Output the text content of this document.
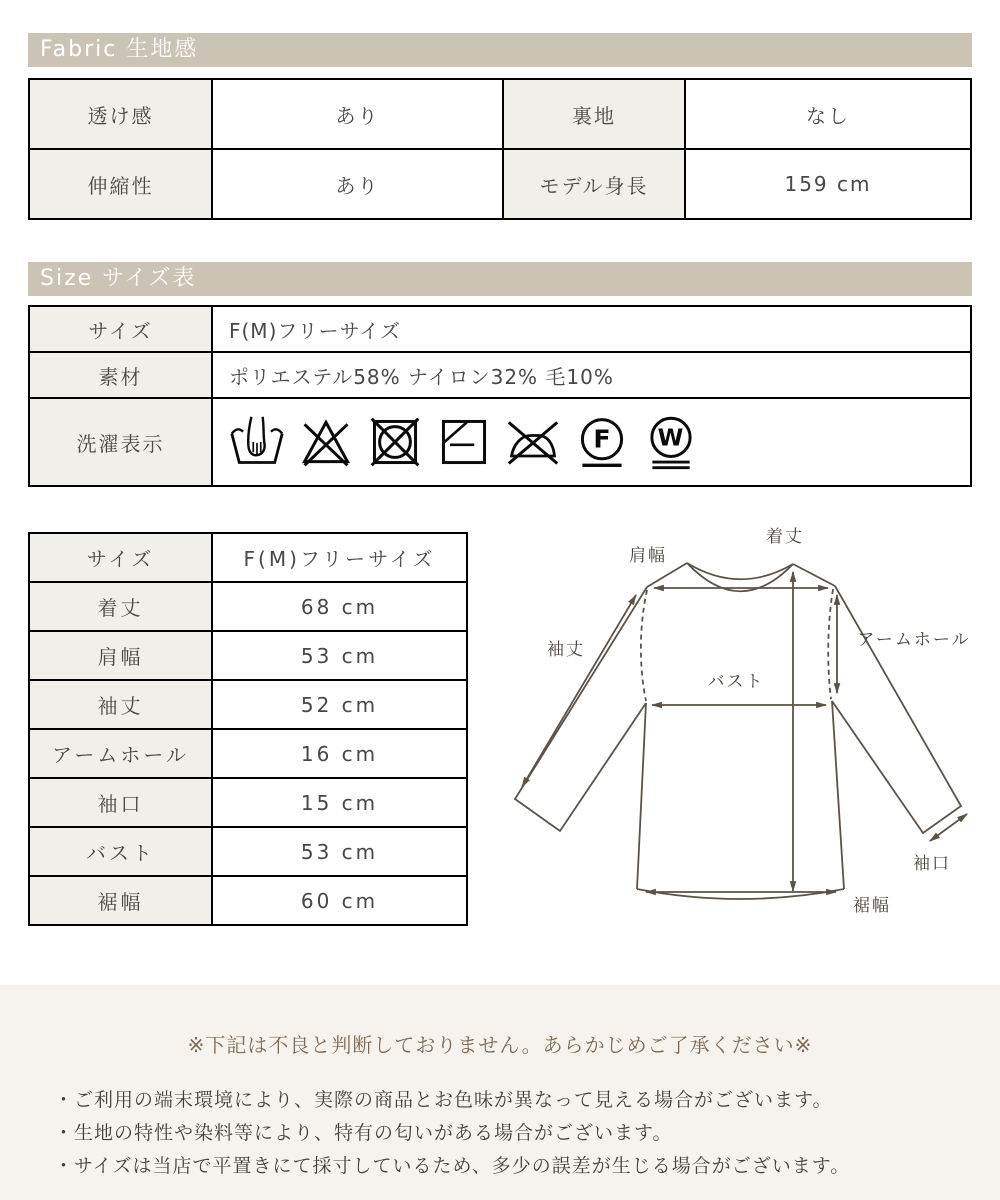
Fabric 生地感
透け感	あり	裏地	なし
伸縮性	あり	モデル身長	159 cm
Size サイズ表
サイズ	F(M)フリーサイズ
素材	ポリエステル58% ナイロン32% 毛10%
洗濯表示	F W
サイズ	F(M)フリーサイズ
着丈	68 cm
肩幅	53 cm
袖丈	52 cm
アームホール	16 cm
袖口	15 cm
バスト	53 cm
裾幅	60 cm
着丈
肩幅
袖丈	アームホール
バスト
袖口
裾幅
※下記は不良と判断しておりません。あらかじめご了承ください※
・ご利用の端末環境により、実際の商品とお色味が異なって見える場合がございます。
・生地の特性や染料等により、特有の匂いがある場合がございます。
・サイズは当店で平置きにて採寸しているため、多少の誤差が生じる場合がございます。
